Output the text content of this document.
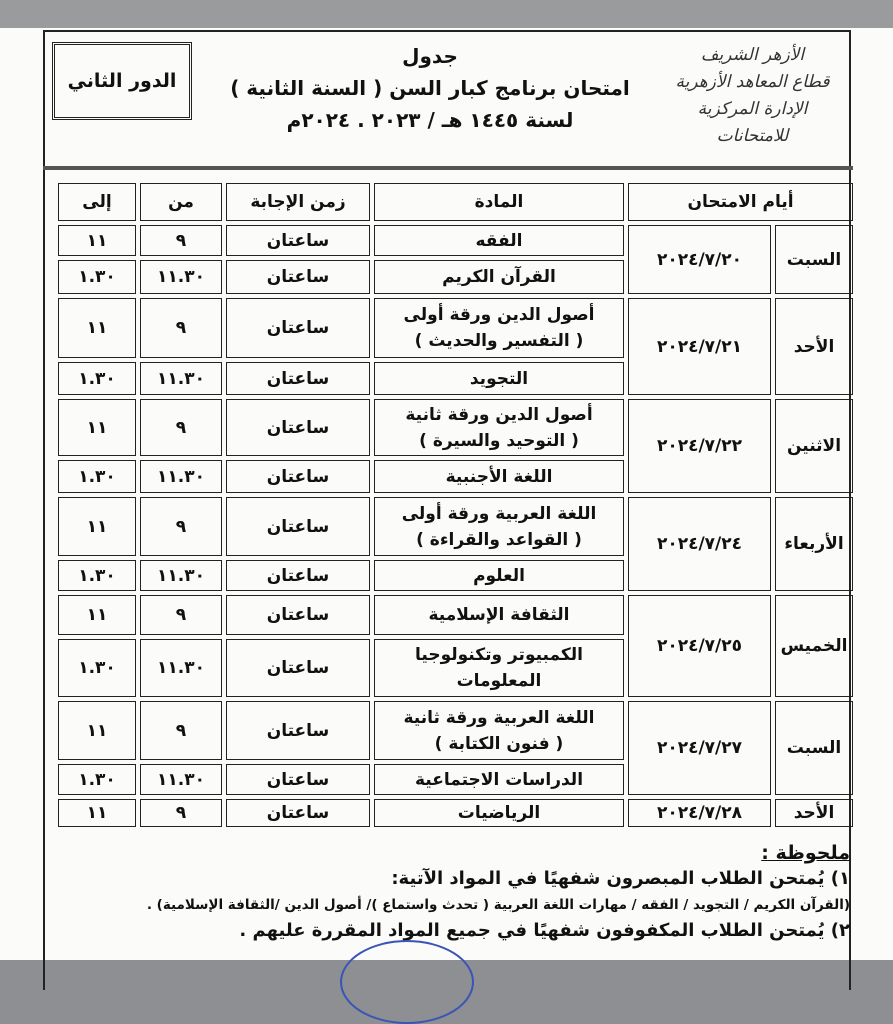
الأزهر الشريف
قطاع المعاهد الأزهرية
الإدارة المركزية للامتحانات
جدول
امتحان برنامج كبار السن ( السنة الثانية )
لسنة ١٤٤٥ هـ / ٢٠٢٣ . ٢٠٢٤م
الدور الثاني
أيام الامتحان		المادة	زمن الإجابة	من	إلى
السبت	٢٠٢٤/٧/٢٠	الفقه	ساعتان	٩	١١

		القرآن الكريم	ساعتان	١١.٣٠	١.٣٠
الأحد	٢٠٢٤/٧/٢١	أصول الدين ورقة أولى
( التفسير والحديث )	ساعتان	٩	١١

		التجويد	ساعتان	١١.٣٠	١.٣٠
الاثنين	٢٠٢٤/٧/٢٢	أصول الدين ورقة ثانية
( التوحيد والسيرة )	ساعتان	٩	١١

		اللغة الأجنبية	ساعتان	١١.٣٠	١.٣٠
الأربعاء	٢٠٢٤/٧/٢٤	اللغة العربية ورقة أولى
( القواعد والقراءة )	ساعتان	٩	١١

		العلوم	ساعتان	١١.٣٠	١.٣٠
الخميس	٢٠٢٤/٧/٢٥	الثقافة الإسلامية	ساعتان	٩	١١

		الكمبيوتر وتكنولوجيا
المعلومات	ساعتان	١١.٣٠	١.٣٠
السبت	٢٠٢٤/٧/٢٧	اللغة العربية ورقة ثانية
( فنون الكتابة )	ساعتان	٩	١١

		الدراسات الاجتماعية	ساعتان	١١.٣٠	١.٣٠
الأحد	٢٠٢٤/٧/٢٨	الرياضيات	ساعتان	٩	١١
ملحوظة :
١) يُمتحن الطلاب المبصرون شفهيًا في المواد الآتية:
(القرآن الكريم / التجويد / الفقه / مهارات اللغة العربية ( تحدث واستماع )/ أصول الدين /الثقافة الإسلامية) .
٢) يُمتحن الطلاب المكفوفون شفهيًا في جميع المواد المقررة عليهم .
